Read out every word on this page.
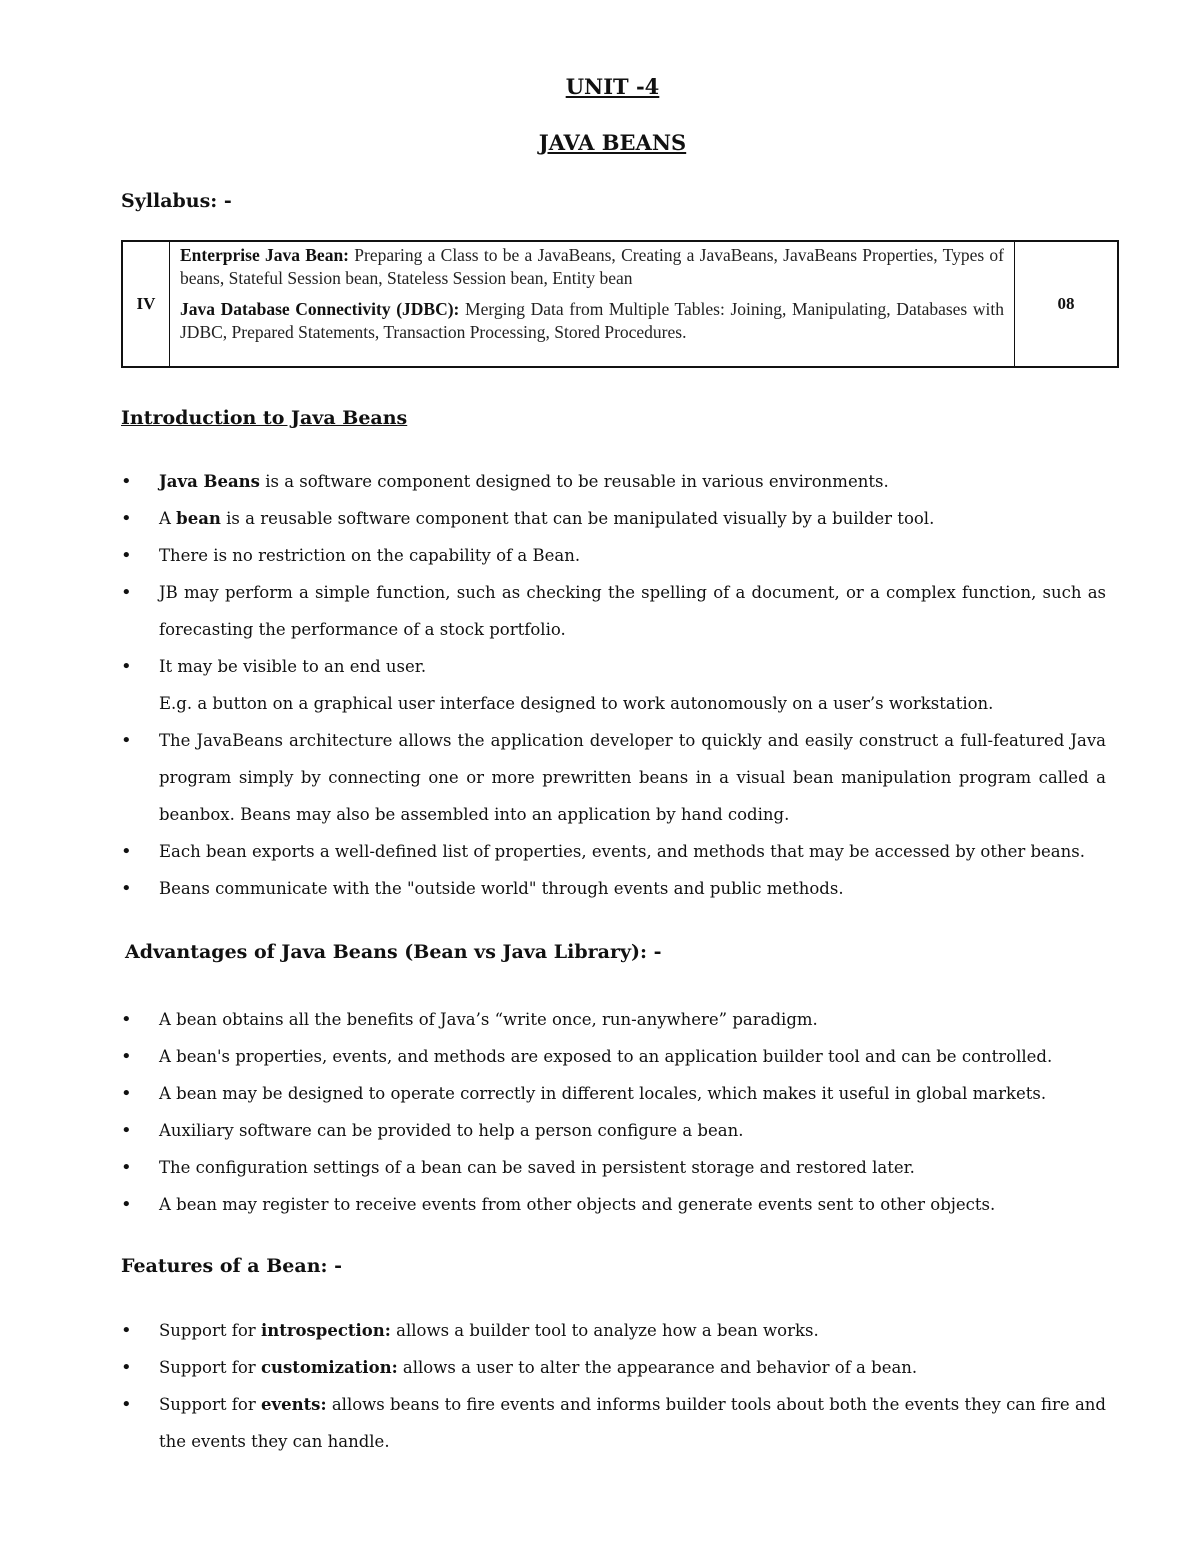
UNIT -4
JAVA BEANS
Syllabus: -
IV

Enterprise Java Bean: Preparing a Class to be a JavaBeans, Creating a JavaBeans, JavaBeans Properties, Types of beans, Stateful Session bean, Stateless Session bean, Entity bean

Java Database Connectivity (JDBC): Merging Data from Multiple Tables: Joining, Manipulating, Databases with JDBC, Prepared Statements, Transaction Processing, Stored Procedures.

08
Introduction to Java Beans
• Java Beans is a software component designed to be reusable in various environments.
• A bean is a reusable software component that can be manipulated visually by a builder tool.
• There is no restriction on the capability of a Bean.
• JB may perform a simple function, such as checking the spelling of a document, or a complex function, such as forecasting the performance of a stock portfolio.
• It may be visible to an end user.
E.g. a button on a graphical user interface designed to work autonomously on a user’s workstation.
• The JavaBeans architecture allows the application developer to quickly and easily construct a full-featured Java program simply by connecting one or more prewritten beans in a visual bean manipulation program called a beanbox. Beans may also be assembled into an application by hand coding.
• Each bean exports a well-defined list of properties, events, and methods that may be accessed by other beans.
• Beans communicate with the "outside world" through events and public methods.
Advantages of Java Beans (Bean vs Java Library): -
• A bean obtains all the benefits of Java’s “write once, run-anywhere” paradigm.
• A bean's properties, events, and methods are exposed to an application builder tool and can be controlled.
• A bean may be designed to operate correctly in different locales, which makes it useful in global markets.
• Auxiliary software can be provided to help a person configure a bean.
• The configuration settings of a bean can be saved in persistent storage and restored later.
• A bean may register to receive events from other objects and generate events sent to other objects.
Features of a Bean: -
• Support for introspection: allows a builder tool to analyze how a bean works.
• Support for customization: allows a user to alter the appearance and behavior of a bean.
• Support for events: allows beans to fire events and informs builder tools about both the events they can fire and the events they can handle.
